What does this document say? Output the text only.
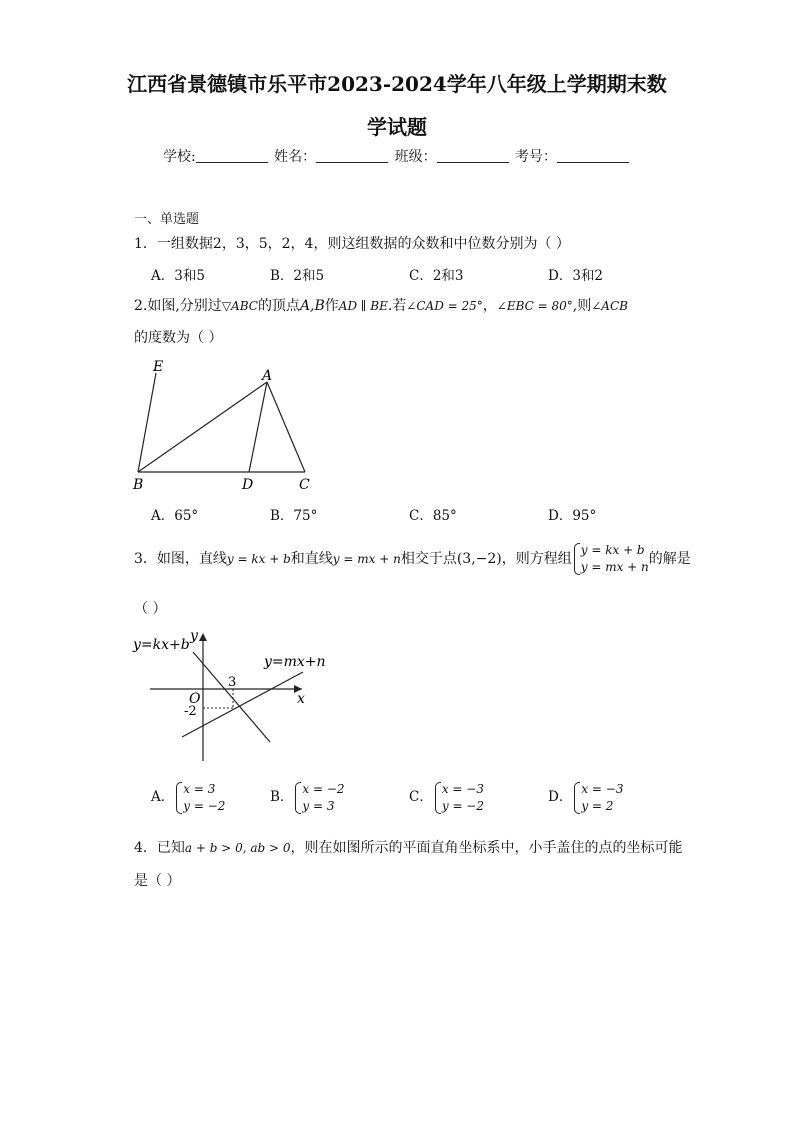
江西省景德镇市乐平市2023-2024学年八年级上学期期末数
学试题
学校:	姓名：	班级：	考号：
一、单选题
1．一组数据2，3，5，2，4，则这组数据的众数和中位数分别为（ ）
A．3和5	B．2和5	C．2和3	D．3和2
2.如图,分别过▽ABC的顶点A,B作AD ∥ BE.若∠CAD = 25°，∠EBC = 80°,则∠ACB
的度数为（ ）
E
A
B	D	C
A．65°	B．75°	C．85°	D．95°
3．如图，直线y = kx + b和直线y = mx + n相交于点(3,−2)，则方程组
y = kx + b
y = mx + n 的解是
（ ）
y=kx+b
y=mx+n
y
x
O
3
-2
A．
x = 3
y = −2
B．
x = −2
y = 3
C．
x = −3
y = −2
D．
x = −3
y = 2
4．已知a + b > 0, ab > 0，则在如图所示的平面直角坐标系中，小手盖住的点的坐标可能
是（ ）
